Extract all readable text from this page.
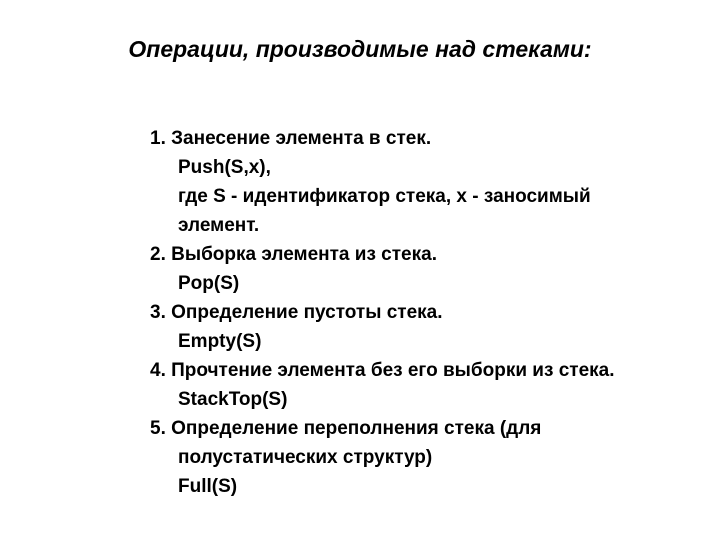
Операции, производимые над стеками:
1. Занесение элемента в стек.
Push(S,x),
где S - идентификатор стека, x - заносимый
элемент.
2. Выборка элемента из стека.
Pop(S)
3. Определение пустоты стека.
Empty(S)
4. Прочтение элемента без его выборки из стека.
StackTop(S)
5. Определение переполнения стека (для
полустатических структур)
Full(S)
